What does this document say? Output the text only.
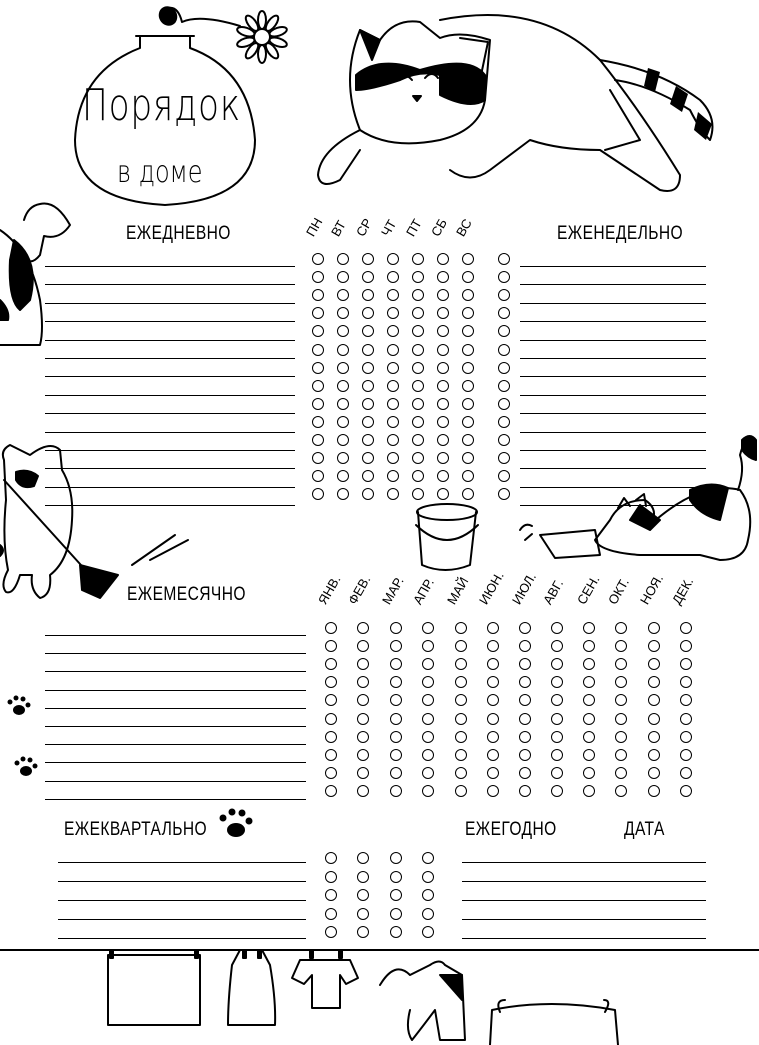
Порядок
в доме
ЕЖЕДНЕВНО	ЕЖЕНЕДЕЛЬНО
ЕЖЕМЕСЯЧНО
ЕЖЕКВАРТАЛЬНО	ЕЖЕГОДНО	ДАТА
ПН ВТ СР ЧТ ПТ СБ ВС
ЯНВ. ФЕВ. МАР. АПР. МАЙ ИЮН. ИЮЛ. АВГ. СЕН. ОКТ. НОЯ. ДЕК.
